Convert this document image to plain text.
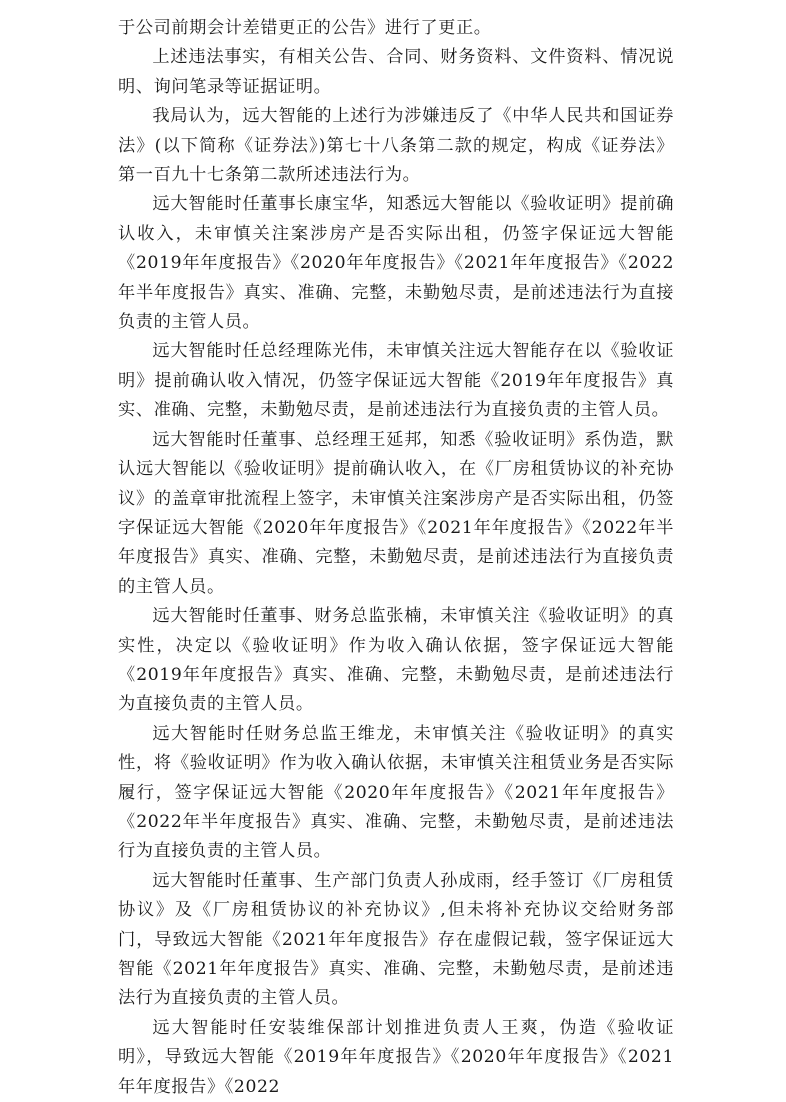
于公司前期会计差错更正的公告》进行了更正。

上述违法事实，有相关公告、合同、财务资料、文件资料、情况说明、询问笔录等证据证明。

我局认为，远大智能的上述行为涉嫌违反了《中华人民共和国证券法》(以下简称《证券法》)第七十八条第二款的规定，构成《证券法》第一百九十七条第二款所述违法行为。

远大智能时任董事长康宝华，知悉远大智能以《验收证明》提前确认收入，未审慎关注案涉房产是否实际出租，仍签字保证远大智能《2019年年度报告》《2020年年度报告》《2021年年度报告》《2022年半年度报告》真实、准确、完整，未勤勉尽责，是前述违法行为直接负责的主管人员。

远大智能时任总经理陈光伟，未审慎关注远大智能存在以《验收证明》提前确认收入情况，仍签字保证远大智能《2019年年度报告》真实、准确、完整，未勤勉尽责，是前述违法行为直接负责的主管人员。

远大智能时任董事、总经理王延邦，知悉《验收证明》系伪造，默认远大智能以《验收证明》提前确认收入，在《厂房租赁协议的补充协议》的盖章审批流程上签字，未审慎关注案涉房产是否实际出租，仍签字保证远大智能《2020年年度报告》《2021年年度报告》《2022年半年度报告》真实、准确、完整，未勤勉尽责，是前述违法行为直接负责的主管人员。

远大智能时任董事、财务总监张楠，未审慎关注《验收证明》的真实性，决定以《验收证明》作为收入确认依据，签字保证远大智能《2019年年度报告》真实、准确、完整，未勤勉尽责，是前述违法行为直接负责的主管人员。

远大智能时任财务总监王维龙，未审慎关注《验收证明》的真实性，将《验收证明》作为收入确认依据，未审慎关注租赁业务是否实际履行，签字保证远大智能《2020年年度报告》《2021年年度报告》《2022年半年度报告》真实、准确、完整，未勤勉尽责，是前述违法行为直接负责的主管人员。

远大智能时任董事、生产部门负责人孙成雨，经手签订《厂房租赁协议》及《厂房租赁协议的补充协议》,但未将补充协议交给财务部门，导致远大智能《2021年年度报告》存在虚假记载，签字保证远大智能《2021年年度报告》真实、准确、完整，未勤勉尽责，是前述违法行为直接负责的主管人员。

远大智能时任安装维保部计划推进负责人王爽，伪造《验收证明》，导致远大智能《2019年年度报告》《2020年年度报告》《2021年年度报告》《2022
